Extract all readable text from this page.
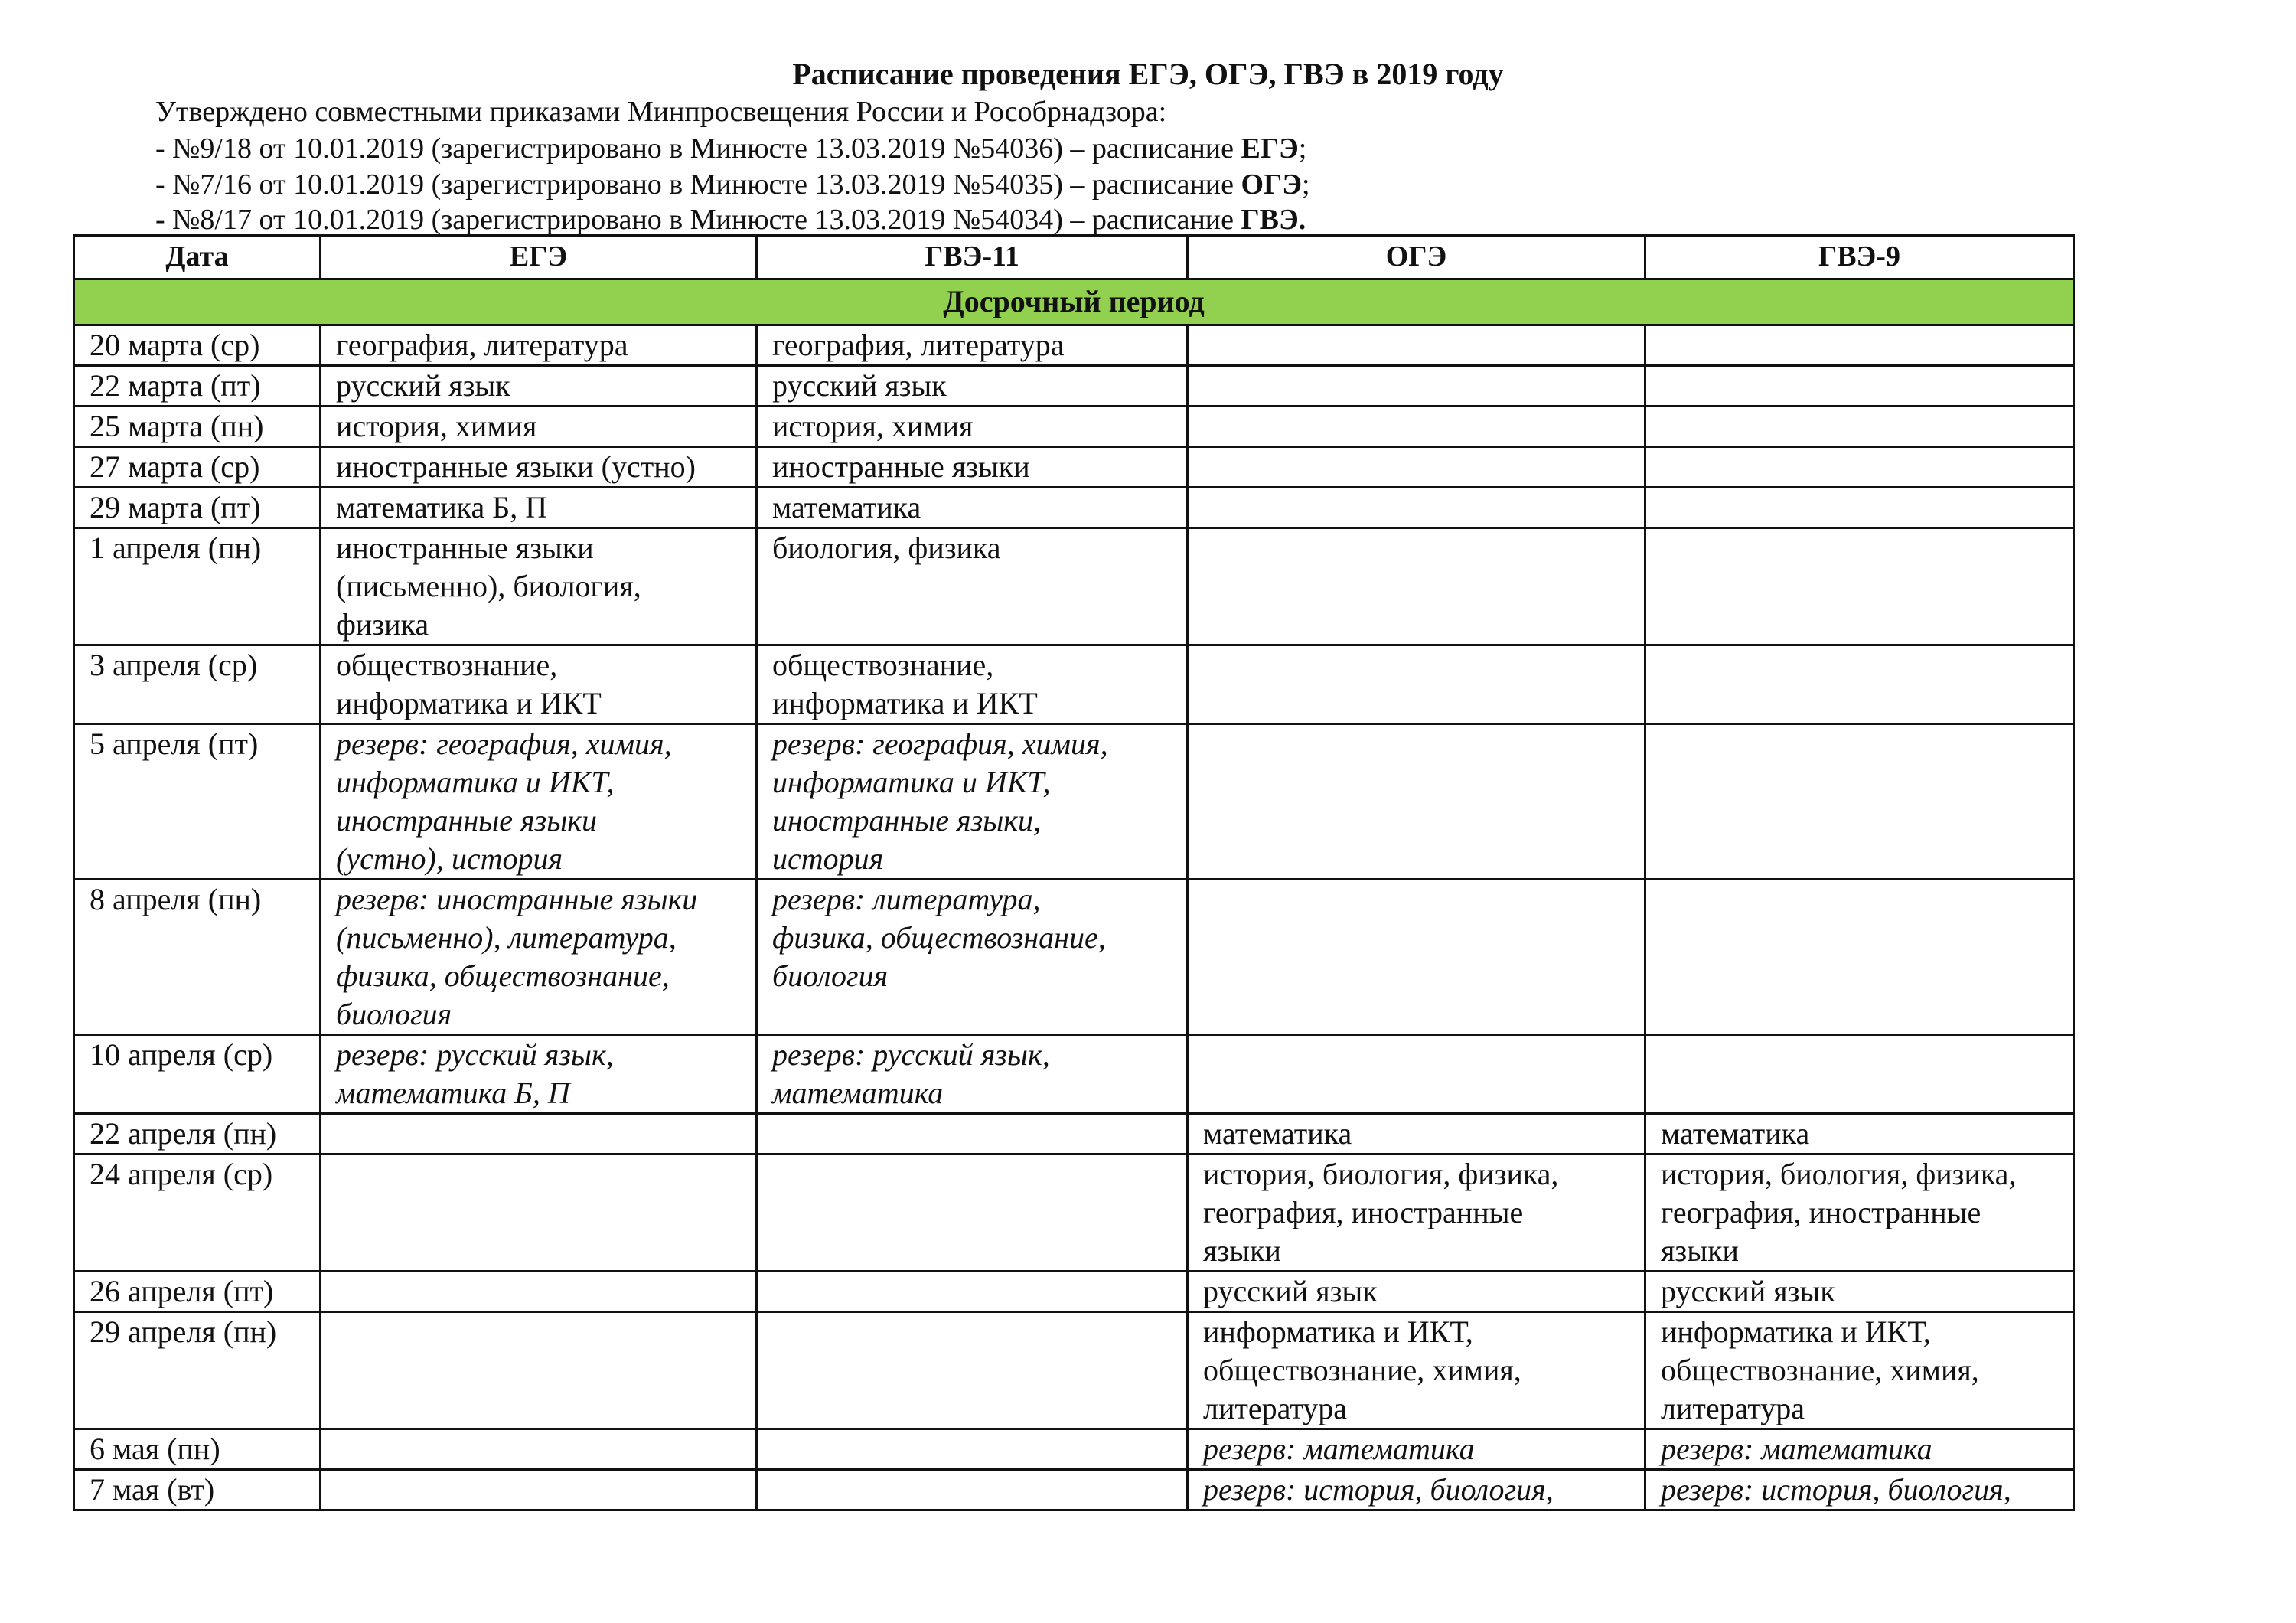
Расписание проведения ЕГЭ, ОГЭ, ГВЭ в 2019 году
Утверждено совместными приказами Минпросвещения России и Рособрнадзора:
- №9/18 от 10.01.2019 (зарегистрировано в Минюсте 13.03.2019 №54036) – расписание ЕГЭ;
- №7/16 от 10.01.2019 (зарегистрировано в Минюсте 13.03.2019 №54035) – расписание ОГЭ;
- №8/17 от 10.01.2019 (зарегистрировано в Минюсте 13.03.2019 №54034) – расписание ГВЭ.
Дата	ЕГЭ	ГВЭ-11	ОГЭ	ГВЭ-9
Досрочный период				

20 марта (ср)	география, литература	география, литература		

22 марта (пт)	русский язык	русский язык		

25 марта (пн)	история, химия	история, химия		

27 марта (ср)	иностранные языки (устно)	иностранные языки		

29 марта (пт)	математика Б, П	математика		

1 апреля (пн)	иностранные языки
(письменно), биология,
физика	биология, физика		

3 апреля (ср)	обществознание,
информатика и ИКТ	обществознание,
информатика и ИКТ		

5 апреля (пт)	резерв: география, химия,
информатика и ИКТ,
иностранные языки
(устно), история	резерв: география, химия,
информатика и ИКТ,
иностранные языки,
история		

8 апреля (пн)	резерв: иностранные языки
(письменно), литература,
физика, обществознание,
биология	резерв: литература,
физика, обществознание,
биология		

10 апреля (ср)	резерв: русский язык,
математика Б, П	резерв: русский язык,
математика		

22 апреля (пн)			математика	математика

24 апреля (ср)			история, биология, физика,
география, иностранные
языки	история, биология, физика,
география, иностранные
языки

26 апреля (пт)			русский язык	русский язык

29 апреля (пн)			информатика и ИКТ,
обществознание, химия,
литература	информатика и ИКТ,
обществознание, химия,
литература

6 мая (пн)			резерв: математика	резерв: математика

7 мая (вт)			резерв: история, биология,	резерв: история, биология,
